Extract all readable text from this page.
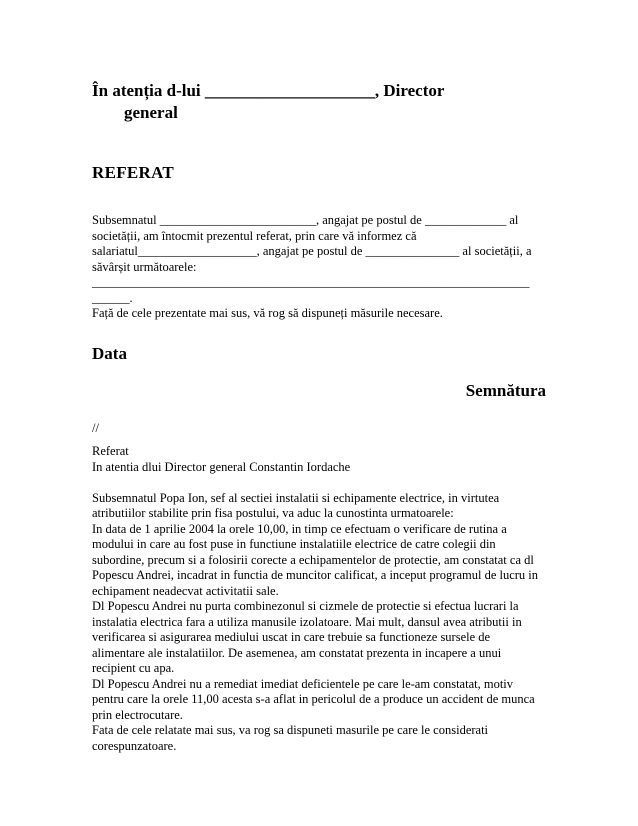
În atenția d-lui ____________________, Director
general
REFERAT
Subsemnatul _________________________, angajat pe postul de _____________ al
societății, am întocmit prezentul referat, prin care vă informez că
salariatul___________________, angajat pe postul de _______________ al societății, a
săvârșit următoarele:
______________________________________________________________________
______.
Față de cele prezentate mai sus, vă rog să dispuneți măsurile necesare.
Data
Semnătura
//
Referat
In atentia dlui Director general Constantin Iordache
Subsemnatul Popa Ion, sef al sectiei instalatii si echipamente electrice, in virtutea
atributiilor stabilite prin fisa postului, va aduc la cunostinta urmatoarele:
In data de 1 aprilie 2004 la orele 10,00, in timp ce efectuam o verificare de rutina a
modului in care au fost puse in functiune instalatiile electrice de catre colegii din
subordine, precum si a folosirii corecte a echipamentelor de protectie, am constatat ca dl
Popescu Andrei, incadrat in functia de muncitor calificat, a inceput programul de lucru in
echipament neadecvat activitatii sale.
Dl Popescu Andrei nu purta combinezonul si cizmele de protectie si efectua lucrari la
instalatia electrica fara a utiliza manusile izolatoare. Mai mult, dansul avea atributii in
verificarea si asigurarea mediului uscat in care trebuie sa functioneze sursele de
alimentare ale instalatiilor. De asemenea, am constatat prezenta in incapere a unui
recipient cu apa.
Dl Popescu Andrei nu a remediat imediat deficientele pe care le-am constatat, motiv
pentru care la orele 11,00 acesta s-a aflat in pericolul de a produce un accident de munca
prin electrocutare.
Fata de cele relatate mai sus, va rog sa dispuneti masurile pe care le considerati
corespunzatoare.
